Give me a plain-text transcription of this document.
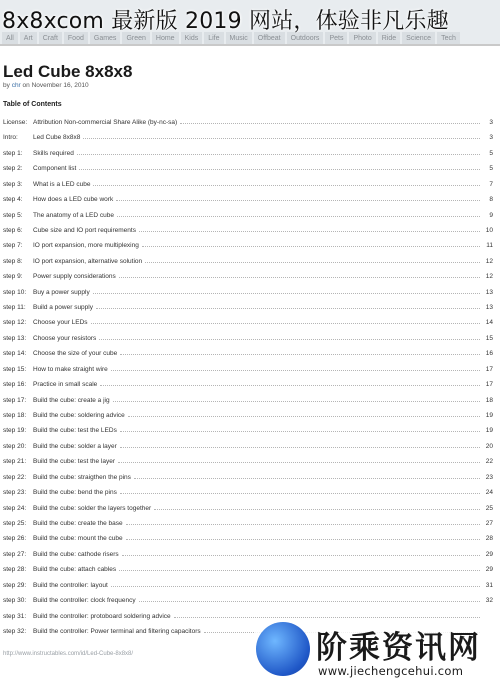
All	Art	Craft	Food	Games	Green	Home	Kids	Life	Music	Offbeat	Outdoors	Pets	Photo	Ride	Science	Tech
8x8xcom 最新版 2019 网站，体验非凡乐趣
Led Cube 8x8x8
by chr on November 16, 2010
Table of Contents
License: Attribution Non-commercial Share Alike (by-nc-sa)	3
Intro:	Led Cube 8x8x8	3
step 1:	Skills required	5
step 2:	Component list	5
step 3:	What is a LED cube	7
step 4:	How does a LED cube work	8
step 5:	The anatomy of a LED cube	9
step 6:	Cube size and IO port requirements	10
step 7:	IO port expansion, more multiplexing	11
step 8:	IO port expansion, alternative solution	12
step 9:	Power supply considerations	12
step 10:	Buy a power supply	13
step 11:	Build a power supply	13
step 12:	Choose your LEDs	14
step 13:	Choose your resistors	15
step 14:	Choose the size of your cube	16
step 15:	How to make straight wire	17
step 16:	Practice in small scale	17
step 17:	Build the cube: create a jig	18
step 18:	Build the cube: soldering advice	19
step 19:	Build the cube: test the LEDs	19
step 20:	Build the cube: solder a layer	20
step 21:	Build the cube: test the layer	22
step 22:	Build the cube: straigthen the pins	23
step 23:	Build the cube: bend the pins	24
step 24:	Build the cube: solder the layers together	25
step 25:	Build the cube: create the base	27
step 26:	Build the cube: mount the cube	28
step 27:	Build the cube: cathode risers	29
step 28:	Build the cube: attach cables	29
step 29:	Build the controller: layout	31
step 30:	Build the controller: clock frequency	32
step 31:	Build the controller: protoboard soldering advice
step 32:	Build the controller: Power terminal and filtering capacitors
http://www.instructables.com/id/Led-Cube-8x8x8/	阶乘资讯网
www.jiechengcehui.com
